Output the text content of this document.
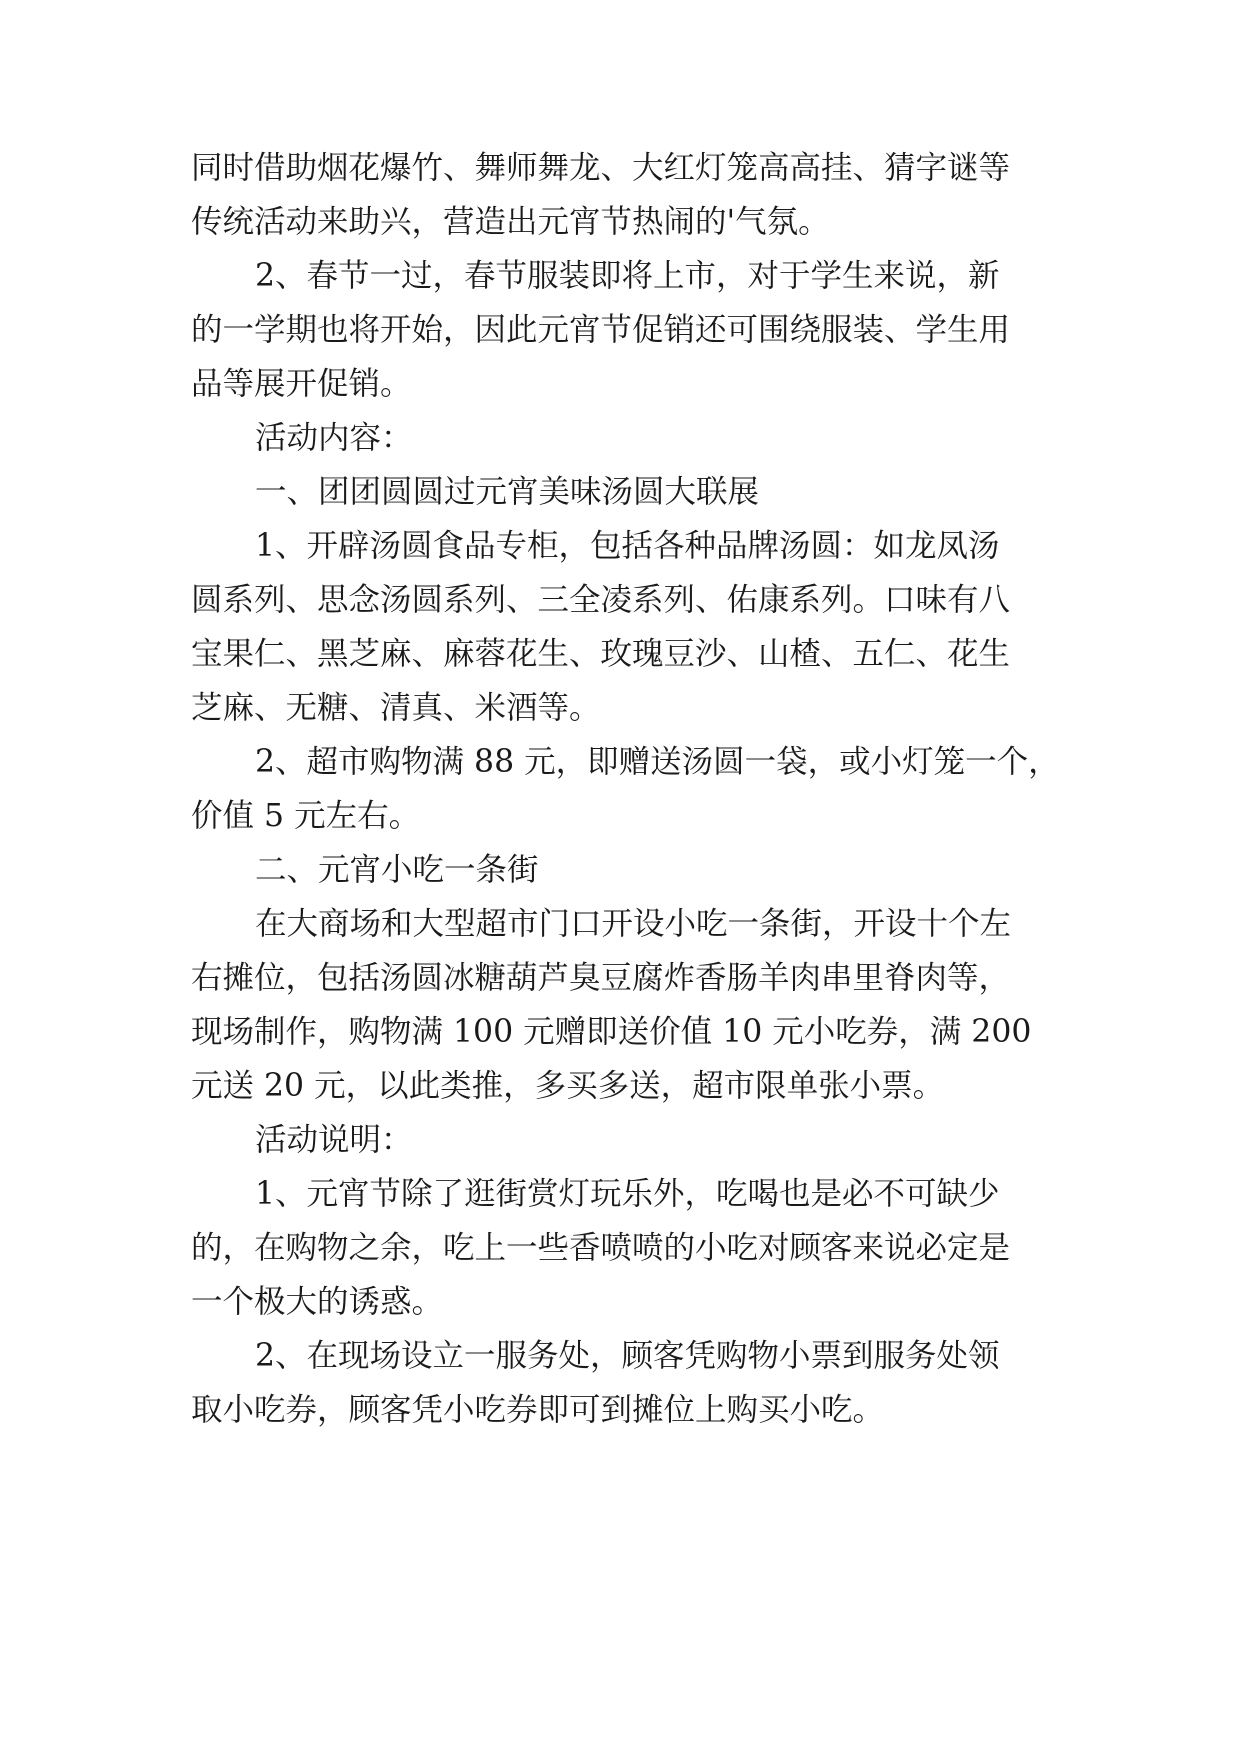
同时借助烟花爆竹、舞师舞龙、大红灯笼高高挂、猜字谜等
传统活动来助兴，营造出元宵节热闹的'气氛。
2、春节一过，春节服装即将上市，对于学生来说，新
的一学期也将开始，因此元宵节促销还可围绕服装、学生用
品等展开促销。
活动内容：
一、团团圆圆过元宵美味汤圆大联展
1、开辟汤圆食品专柜，包括各种品牌汤圆：如龙凤汤
圆系列、思念汤圆系列、三全凌系列、佑康系列。口味有八
宝果仁、黑芝麻、麻蓉花生、玫瑰豆沙、山楂、五仁、花生
芝麻、无糖、清真、米酒等。
2、超市购物满 88 元，即赠送汤圆一袋，或小灯笼一个，
价值 5 元左右。
二、元宵小吃一条街
在大商场和大型超市门口开设小吃一条街，开设十个左
右摊位，包括汤圆冰糖葫芦臭豆腐炸香肠羊肉串里脊肉等，
现场制作，购物满 100 元赠即送价值 10 元小吃券，满 200
元送 20 元，以此类推，多买多送，超市限单张小票。
活动说明：
1、元宵节除了逛街赏灯玩乐外，吃喝也是必不可缺少
的，在购物之余，吃上一些香喷喷的小吃对顾客来说必定是
一个极大的诱惑。
2、在现场设立一服务处，顾客凭购物小票到服务处领
取小吃券，顾客凭小吃券即可到摊位上购买小吃。
